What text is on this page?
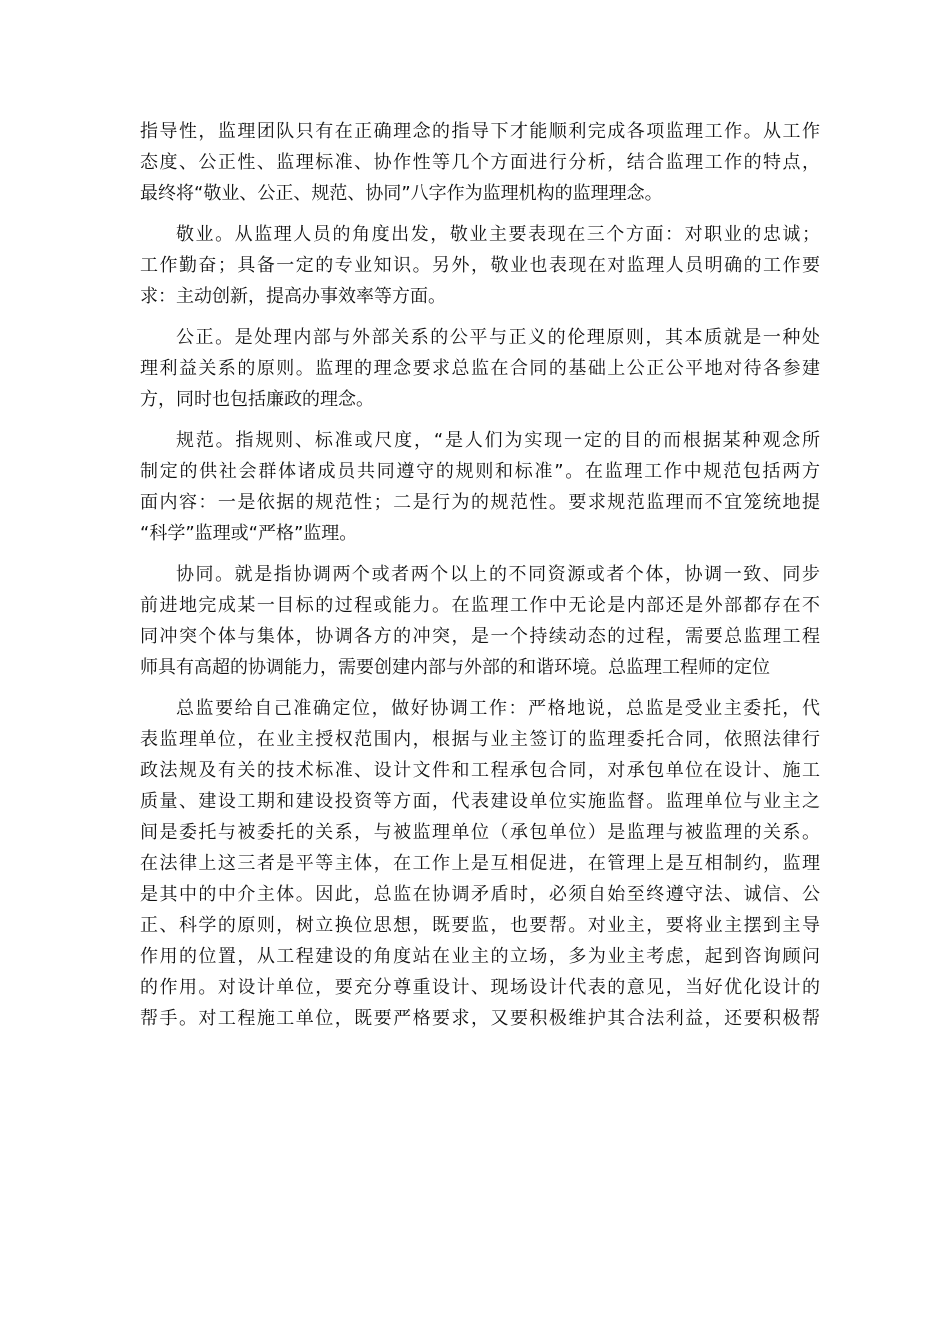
指导性，监理团队只有在正确理念的指导下才能顺利完成各项监理工作。从工作
态度、公正性、监理标准、协作性等几个方面进行分析，结合监理工作的特点，
最终将“敬业、公正、规范、协同”八字作为监理机构的监理理念。
敬业。从监理人员的角度出发，敬业主要表现在三个方面：对职业的忠诚；
工作勤奋；具备一定的专业知识。另外，敬业也表现在对监理人员明确的工作要
求：主动创新，提高办事效率等方面。
公正。是处理内部与外部关系的公平与正义的伦理原则，其本质就是一种处
理利益关系的原则。监理的理念要求总监在合同的基础上公正公平地对待各参建
方，同时也包括廉政的理念。
规范。指规则、标准或尺度，“是人们为实现一定的目的而根据某种观念所
制定的供社会群体诸成员共同遵守的规则和标准”。在监理工作中规范包括两方
面内容：一是依据的规范性；二是行为的规范性。要求规范监理而不宜笼统地提
“科学”监理或“严格”监理。
协同。就是指协调两个或者两个以上的不同资源或者个体，协调一致、同步
前进地完成某一目标的过程或能力。在监理工作中无论是内部还是外部都存在不
同冲突个体与集体，协调各方的冲突，是一个持续动态的过程，需要总监理工程
师具有高超的协调能力，需要创建内部与外部的和谐环境。总监理工程师的定位
总监要给自己准确定位，做好协调工作：严格地说，总监是受业主委托，代
表监理单位，在业主授权范围内，根据与业主签订的监理委托合同，依照法律行
政法规及有关的技术标准、设计文件和工程承包合同，对承包单位在设计、施工
质量、建设工期和建设投资等方面，代表建设单位实施监督。监理单位与业主之
间是委托与被委托的关系，与被监理单位（承包单位）是监理与被监理的关系。
在法律上这三者是平等主体，在工作上是互相促进，在管理上是互相制约，监理
是其中的中介主体。因此，总监在协调矛盾时，必须自始至终遵守法、诚信、公
正、科学的原则，树立换位思想，既要监，也要帮。对业主，要将业主摆到主导
作用的位置，从工程建设的角度站在业主的立场，多为业主考虑，起到咨询顾问
的作用。对设计单位，要充分尊重设计、现场设计代表的意见，当好优化设计的
帮手。对工程施工单位，既要严格要求，又要积极维护其合法利益，还要积极帮
